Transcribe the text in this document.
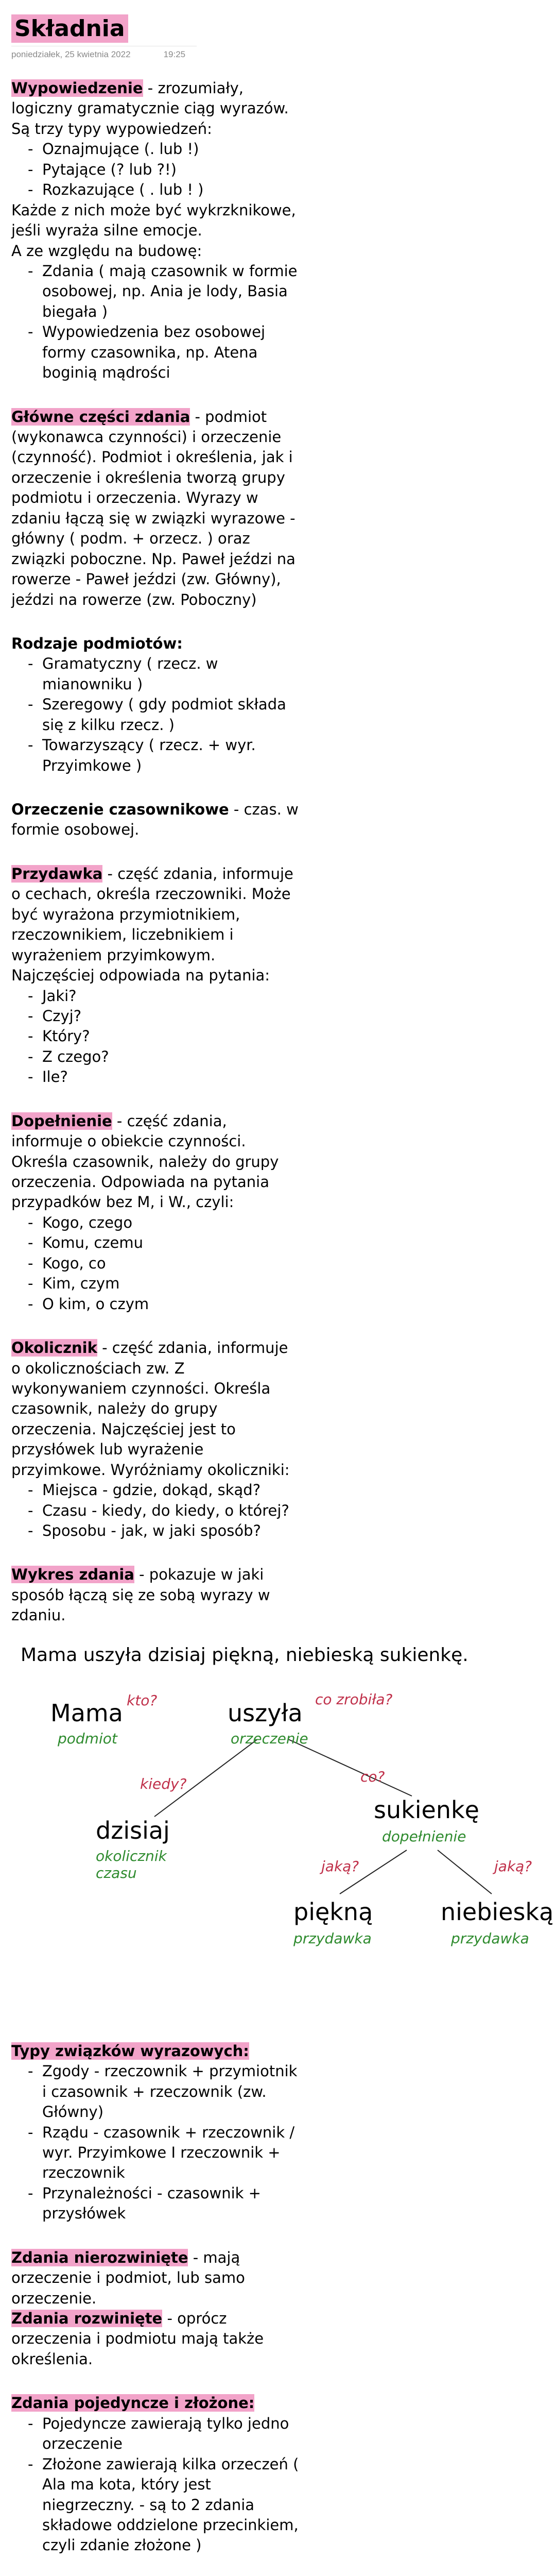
Składnia
poniedziałek, 25 kwietnia 2022	19:25

Wypowiedzenie - zrozumiały, logiczny gramatycznie ciąg wyrazów. Są trzy typy wypowiedzeń:

- Oznajmujące (. lub !)
- Pytające (? lub ?!)
- Rozkazujące ( . lub ! )

Każde z nich może być wykrzknikowe, jeśli wyraża silne emocje.

A ze względu na budowę:

- Zdania ( mają czasownik w formie osobowej, np. Ania je lody, Basia biegała )
- Wypowiedzenia bez osobowej formy czasownika, np. Atena boginią mądrości

Główne części zdania - podmiot (wykonawca czynności) i orzeczenie (czynność). Podmiot i określenia, jak i orzeczenie i określenia tworzą grupy podmiotu i orzeczenia. Wyrazy w zdaniu łączą się w związki wyrazowe - główny ( podm. + orzecz. ) oraz związki poboczne. Np. Paweł jeździ na rowerze - Paweł jeździ (zw. Główny), jeździ na rowerze (zw. Poboczny)

Rodzaje podmiotów:

- Gramatyczny ( rzecz. w mianowniku )
- Szeregowy ( gdy podmiot składa się z kilku rzecz. )
- Towarzyszący ( rzecz. + wyr. Przyimkowe )

Orzeczenie czasownikowe - czas. w formie osobowej.

Przydawka - część zdania, informuje o cechach, określa rzeczowniki. Może być wyrażona przymiotnikiem, rzeczownikiem, liczebnikiem i wyrażeniem przyimkowym. Najczęściej odpowiada na pytania:

- Jaki?
- Czyj?
- Który?
- Z czego?
- Ile?

Dopełnienie - część zdania, informuje o obiekcie czynności. Określa czasownik, należy do grupy orzeczenia. Odpowiada na pytania przypadków bez M, i W., czyli:

- Kogo, czego
- Komu, czemu
- Kogo, co
- Kim, czym
- O kim, o czym

Okolicznik - część zdania, informuje o okolicznościach zw. Z wykonywaniem czynności. Określa czasownik, należy do grupy orzeczenia. Najczęściej jest to przysłówek lub wyrażenie przyimkowe. Wyróżniamy okoliczniki:

- Miejsca - gdzie, dokąd, skąd?
- Czasu - kiedy, do kiedy, o której?
- Sposobu - jak, w jaki sposób?

Wykres zdania - pokazuje w jaki sposób łączą się ze sobą wyrazy w zdaniu.

Mama uszyła dzisiaj piękną, niebieską sukienkę.
Mama
podmiot
kto?	uszyła
orzeczenie
co zrobiła?
kiedy?	co?
dzisiaj
okolicznik
czasu
sukienkę
dopełnienie
jaką?	jaką?
piękną
przydawka
niebieską
przydawka

Typy związków wyrazowych:

- Zgody - rzeczownik + przymiotnik i czasownik + rzeczownik (zw. Główny)
- Rządu - czasownik + rzeczownik / wyr. Przyimkowe I rzeczownik + rzeczownik
- Przynależności - czasownik + przysłówek

Zdania nierozwinięte - mają orzeczenie i podmiot, lub samo orzeczenie.

Zdania rozwinięte - oprócz orzeczenia i podmiotu mają także określenia.

Zdania pojedyncze i złożone:

- Pojedyncze zawierają tylko jedno orzeczenie
- Złożone zawierają kilka orzeczeń ( Ala ma kota, który jest niegrzeczny. - są to 2 zdania składowe oddzielone przecinkiem, czyli zdanie złożone )
